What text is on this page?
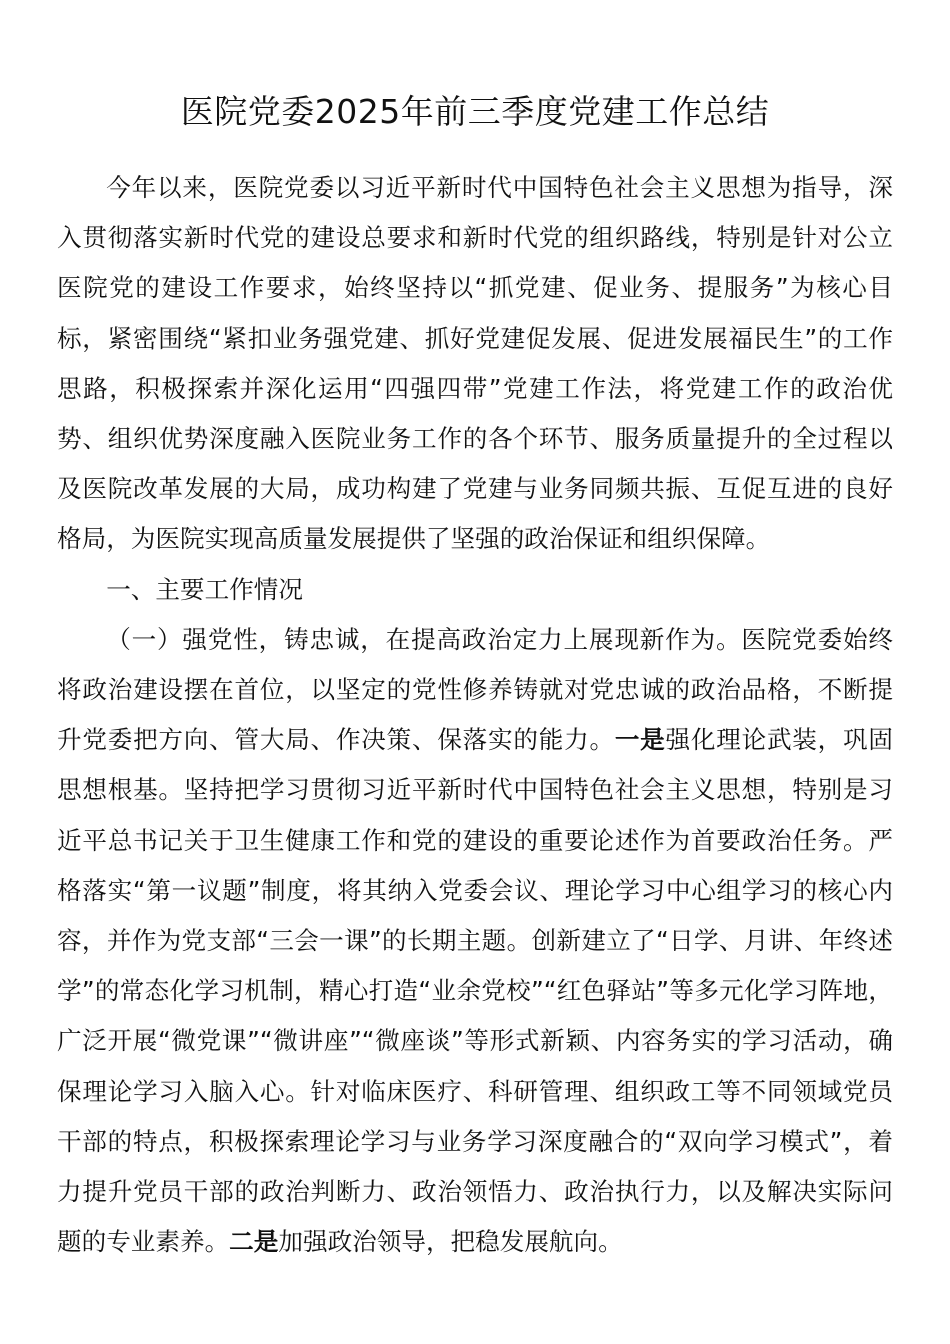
医院党委2025年前三季度党建工作总结

今年以来，医院党委以习近平新时代中国特色社会主义思想为指导，深入贯彻落实新时代党的建设总要求和新时代党的组织路线，特别是针对公立医院党的建设工作要求，始终坚持以“抓党建、促业务、提服务”为核心目标，紧密围绕“紧扣业务强党建、抓好党建促发展、促进发展福民生”的工作思路，积极探索并深化运用“四强四带”党建工作法，将党建工作的政治优势、组织优势深度融入医院业务工作的各个环节、服务质量提升的全过程以及医院改革发展的大局，成功构建了党建与业务同频共振、互促互进的良好格局，为医院实现高质量发展提供了坚强的政治保证和组织保障。

一、主要工作情况

（一）强党性，铸忠诚，在提高政治定力上展现新作为。医院党委始终将政治建设摆在首位，以坚定的党性修养铸就对党忠诚的政治品格，不断提升党委把方向、管大局、作决策、保落实的能力。一是强化理论武装，巩固思想根基。坚持把学习贯彻习近平新时代中国特色社会主义思想，特别是习近平总书记关于卫生健康工作和党的建设的重要论述作为首要政治任务。严格落实“第一议题”制度，将其纳入党委会议、理论学习中心组学习的核心内容，并作为党支部“三会一课”的长期主题。创新建立了“日学、月讲、年终述学”的常态化学习机制，精心打造“业余党校”“红色驿站”等多元化学习阵地，广泛开展“微党课”“微讲座”“微座谈”等形式新颖、内容务实的学习活动，确保理论学习入脑入心。针对临床医疗、科研管理、组织政工等不同领域党员干部的特点，积极探索理论学习与业务学习深度融合的“双向学习模式”，着力提升党员干部的政治判断力、政治领悟力、政治执行力，以及解决实际问题的专业素养。二是加强政治领导，把稳发展航向。
